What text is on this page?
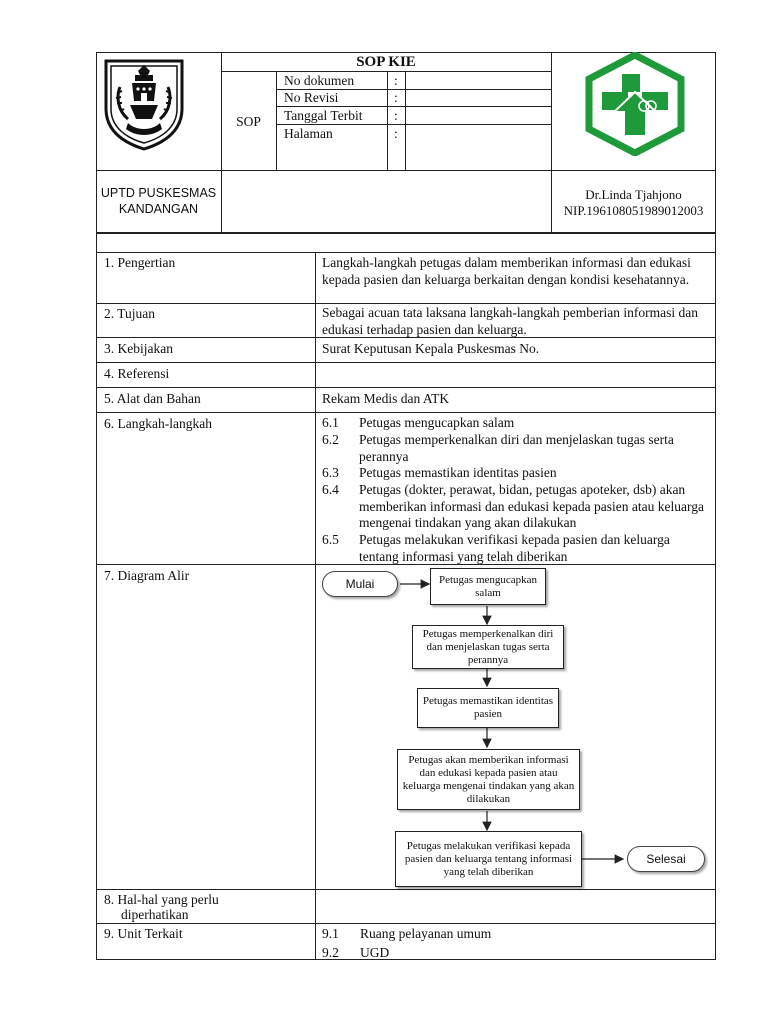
SOP KIE
SOP
No dokumen	:
No Revisi	:
Tanggal Terbit :
Halaman	:
UPTD PUSKESMAS
KANDANGAN
Dr.Linda Tjahjono
NIP.196108051989012003
1. Pengertian	Langkah-langkah petugas dalam memberikan informasi dan edukasi kepada pasien dan keluarga berkaitan dengan kondisi kesehatannya.
2. Tujuan	Sebagai acuan tata laksana langkah-langkah pemberian informasi dan edukasi terhadap pasien dan keluarga.
3. Kebijakan	Surat Keputusan Kepala Puskesmas No.
4. Referensi
5. Alat dan Bahan	Rekam Medis dan ATK
6. Langkah-langkah	6.1	Petugas mengucapkan salam
6.2	Petugas memperkenalkan diri dan menjelaskan tugas serta perannya
6.3	Petugas memastikan identitas pasien
6.4	Petugas (dokter, perawat, bidan, petugas apoteker, dsb) akan memberikan informasi dan edukasi kepada pasien atau keluarga mengenai tindakan yang akan dilakukan
6.5	Petugas melakukan verifikasi kepada pasien dan keluarga tentang informasi yang telah diberikan
7. Diagram Alir
Mulai	Petugas mengucapkan salam
Petugas memperkenalkan diri dan menjelaskan tugas serta perannya
Petugas memastikan identitas pasien
Petugas akan memberikan informasi dan edukasi kepada pasien atau keluarga mengenai tindakan yang akan dilakukan
Petugas melakukan verifikasi kepada pasien dan keluarga tentang informasi yang telah diberikan
Selesai
8. Hal-hal yang perlu
diperhatikan
9. Unit Terkait	9.1 Ruang pelayanan umum
9.2 UGD
